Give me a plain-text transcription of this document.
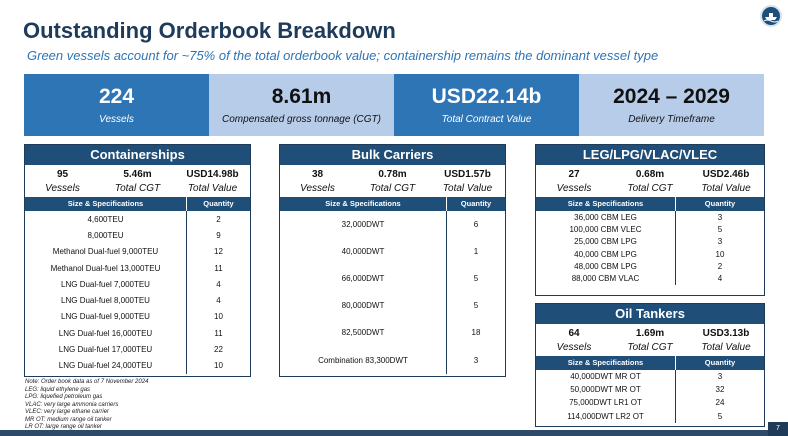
Outstanding Orderbook Breakdown
Green vessels account for ~75% of the total orderbook value; containership remains the dominant vessel type
224
Vessels
8.61m
Compensated gross tonnage (CGT)
USD22.14b
Total Contract Value
2024 – 2029
Delivery Timeframe
Containerships
95
Vessels
5.46m
Total CGT
USD14.98b
Total Value
Size & Specifications	Quantity
4,600TEU	2
8,000TEU	9
Methanol Dual-fuel 9,000TEU	12
Methanol Dual-fuel 13,000TEU	11
LNG Dual-fuel 7,000TEU	4
LNG Dual-fuel 8,000TEU	4
LNG Dual-fuel 9,000TEU	10
LNG Dual-fuel 16,000TEU	11
LNG Dual-fuel 17,000TEU	22
LNG Dual-fuel 24,000TEU	10
Bulk Carriers
38
Vessels
0.78m
Total CGT
USD1.57b
Total Value
Size & Specifications	Quantity
32,000DWT	6
40,000DWT	1
66,000DWT	5
80,000DWT	5
82,500DWT	18
Combination 83,300DWT	3
LEG/LPG/VLAC/VLEC
27
Vessels
0.68m
Total CGT
USD2.46b
Total Value
Size & Specifications	Quantity
36,000 CBM LEG	3
100,000 CBM VLEC	5
25,000 CBM LPG	3
40,000 CBM LPG	10
48,000 CBM LPG	2
88,000 CBM VLAC	4
Oil Tankers
64
Vessels
1.69m
Total CGT
USD3.13b
Total Value
Size & Specifications	Quantity
40,000DWT MR OT	3
50,000DWT MR OT	32
75,000DWT LR1 OT	24
114,000DWT LR2 OT	5
Note: Order book data as of 7 November 2024
LEG: liquid ethylene gas
LPG: liquefied petroleum gas
VLAC: very large ammonia carriers
VLEC: very large ethane carrier
MR OT: medium range oil tanker
LR OT: large range oil tanker	7
